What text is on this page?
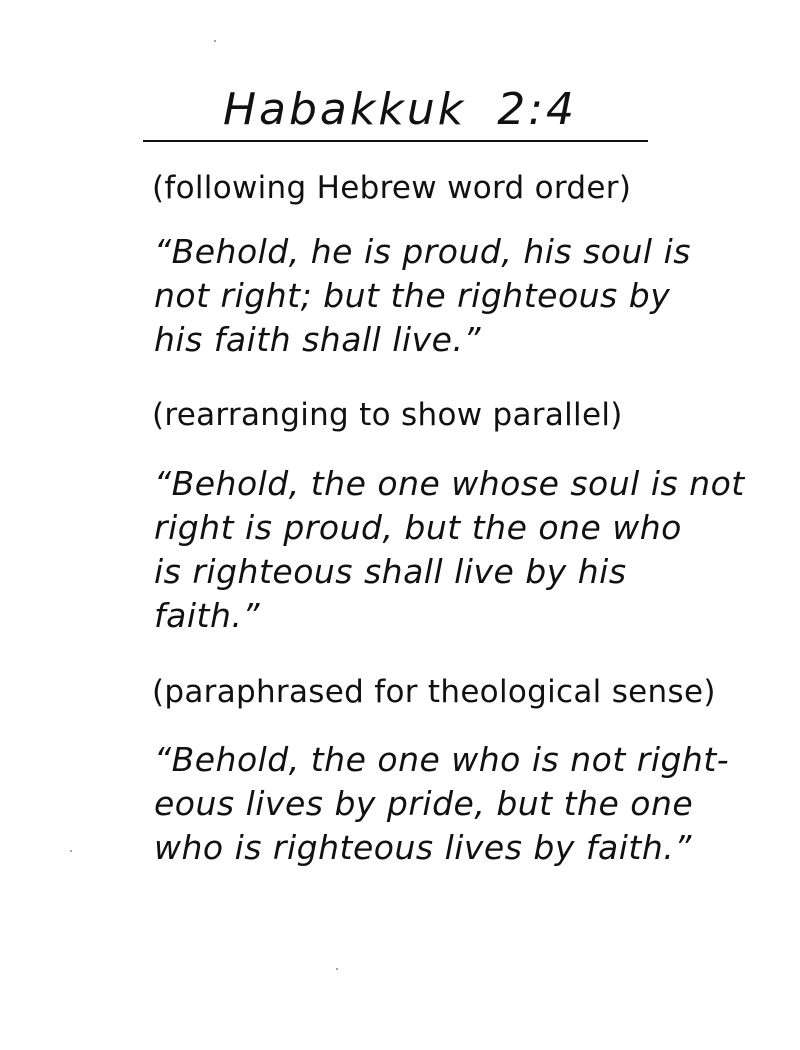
Habakkuk 2:4
(following Hebrew word order)
“Behold, he is proud, his soul is
not right; but the righteous by
his faith shall live.”
(rearranging to show parallel)
“Behold, the one whose soul is not
right is proud, but the one who
is righteous shall live by his
faith.”
(paraphrased for theological sense)
“Behold, the one who is not right-
eous lives by pride, but the one
who is righteous lives by faith.”
